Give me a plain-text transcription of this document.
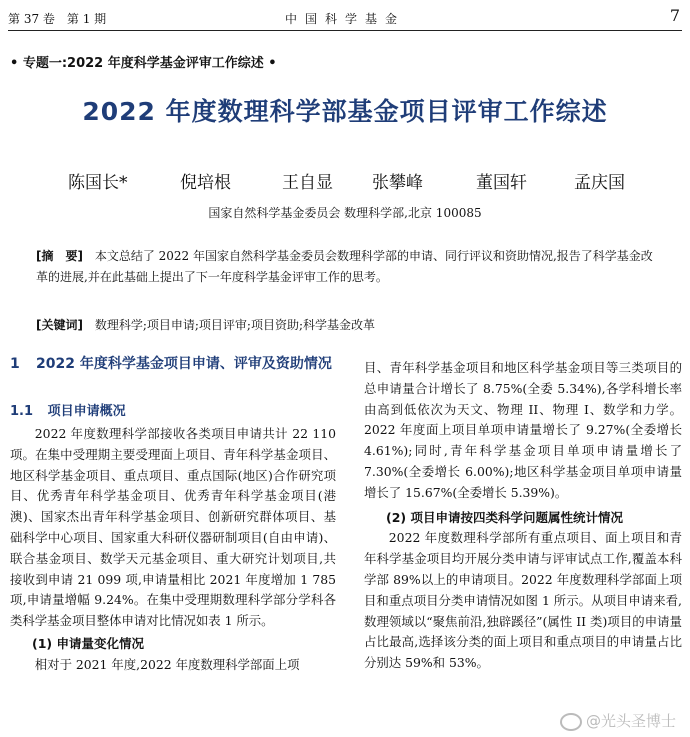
第 37 卷　第 1 期	中国科学基金	7
• 专题一:2022 年度科学基金评审工作综述 •
2022 年度数理科学部基金项目评审工作综述
陈国长*	倪培根	王自显 张攀峰	董国轩	孟庆国
国家自然科学基金委员会 数理科学部,北京 100085
[摘　要] 本文总结了 2022 年国家自然科学基金委员会数理科学部的申请、同行评议和资助情况,报告了科学基金改革的进展,并在此基础上提出了下一年度科学基金评审工作的思考。
[关键词] 数理科学;项目申请;项目评审;项目资助;科学基金改革
1 2022 年度科学基金项目申请、评审及资助情况
1.1 项目申请概况

2022 年度数理科学部接收各类项目申请共计 22 110 项。在集中受理期主要受理面上项目、青年科学基金项目、地区科学基金项目、重点项目、重点国际(地区)合作研究项目、优秀青年科学基金项目、优秀青年科学基金项目(港澳)、国家杰出青年科学基金项目、创新研究群体项目、基础科学中心项目、国家重大科研仪器研制项目(自由申请)、联合基金项目、数学天元基金项目、重大研究计划项目,共接收到申请 21 099 项,申请量相比 2021 年度增加 1 785 项,申请量增幅 9.24%。在集中受理期数理科学部分学科各类科学基金项目整体申请对比情况如表 1 所示。

(1) 申请量变化情况

相对于 2021 年度,2022 年度数理科学部面上项

目、青年科学基金项目和地区科学基金项目等三类项目的总申请量合计增长了 8.75%(全委 5.34%),各学科增长率由高到低依次为天文、物理 II、物理 I、数学和力学。2022 年度面上项目单项申请量增长了 9.27%(全委增长 4.61%);同时,青年科学基金项目单项申请量增长了 7.30%(全委增长 6.00%);地区科学基金项目单项申请量增长了 15.67%(全委增长 5.39%)。

(2) 项目申请按四类科学问题属性统计情况

2022 年度数理科学部所有重点项目、面上项目和青年科学基金项目均开展分类申请与评审试点工作,覆盖本科学部 89%以上的申请项目。2022 年度数理科学部面上项目和重点项目分类申请情况如图 1 所示。从项目申请来看,数理领域以“聚焦前沿,独辟蹊径”(属性 II 类)项目的申请量占比最高,选择该分类的面上项目和重点项目的申请量占比分别达 59%和 53%。

@光头圣博士
